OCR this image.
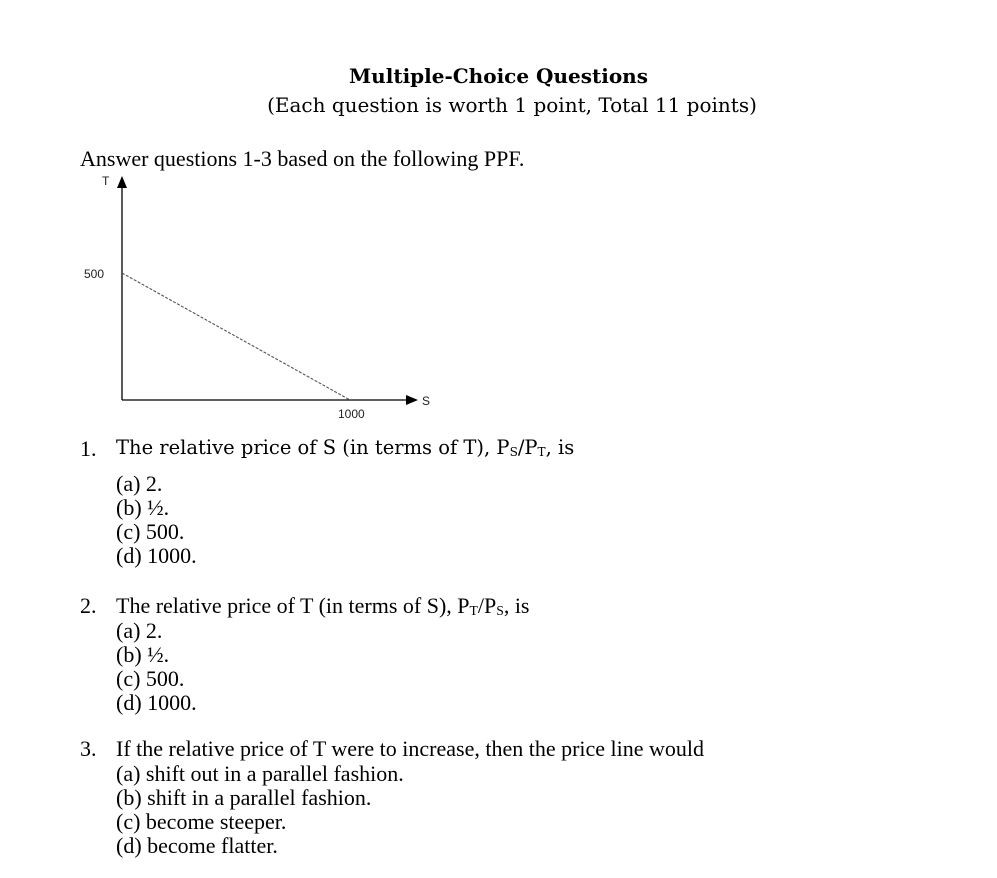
Multiple-Choice Questions
(Each question is worth 1 point, Total 11 points)
Answer questions 1-3 based on the following PPF.
T
S
500
1000
1.	The relative price of S (in terms of T), $P_S/P_T$, is
(a) 2.
(b) ½.
(c) 500.
(d) 1000.
2. The relative price of T (in terms of S), $P_T/P_S$, is
(a) 2.
(b) ½.
(c) 500.
(d) 1000.
3. If the relative price of T were to increase, then the price line would
(a) shift out in a parallel fashion.
(b) shift in a parallel fashion.
(c) become steeper.
(d) become flatter.
